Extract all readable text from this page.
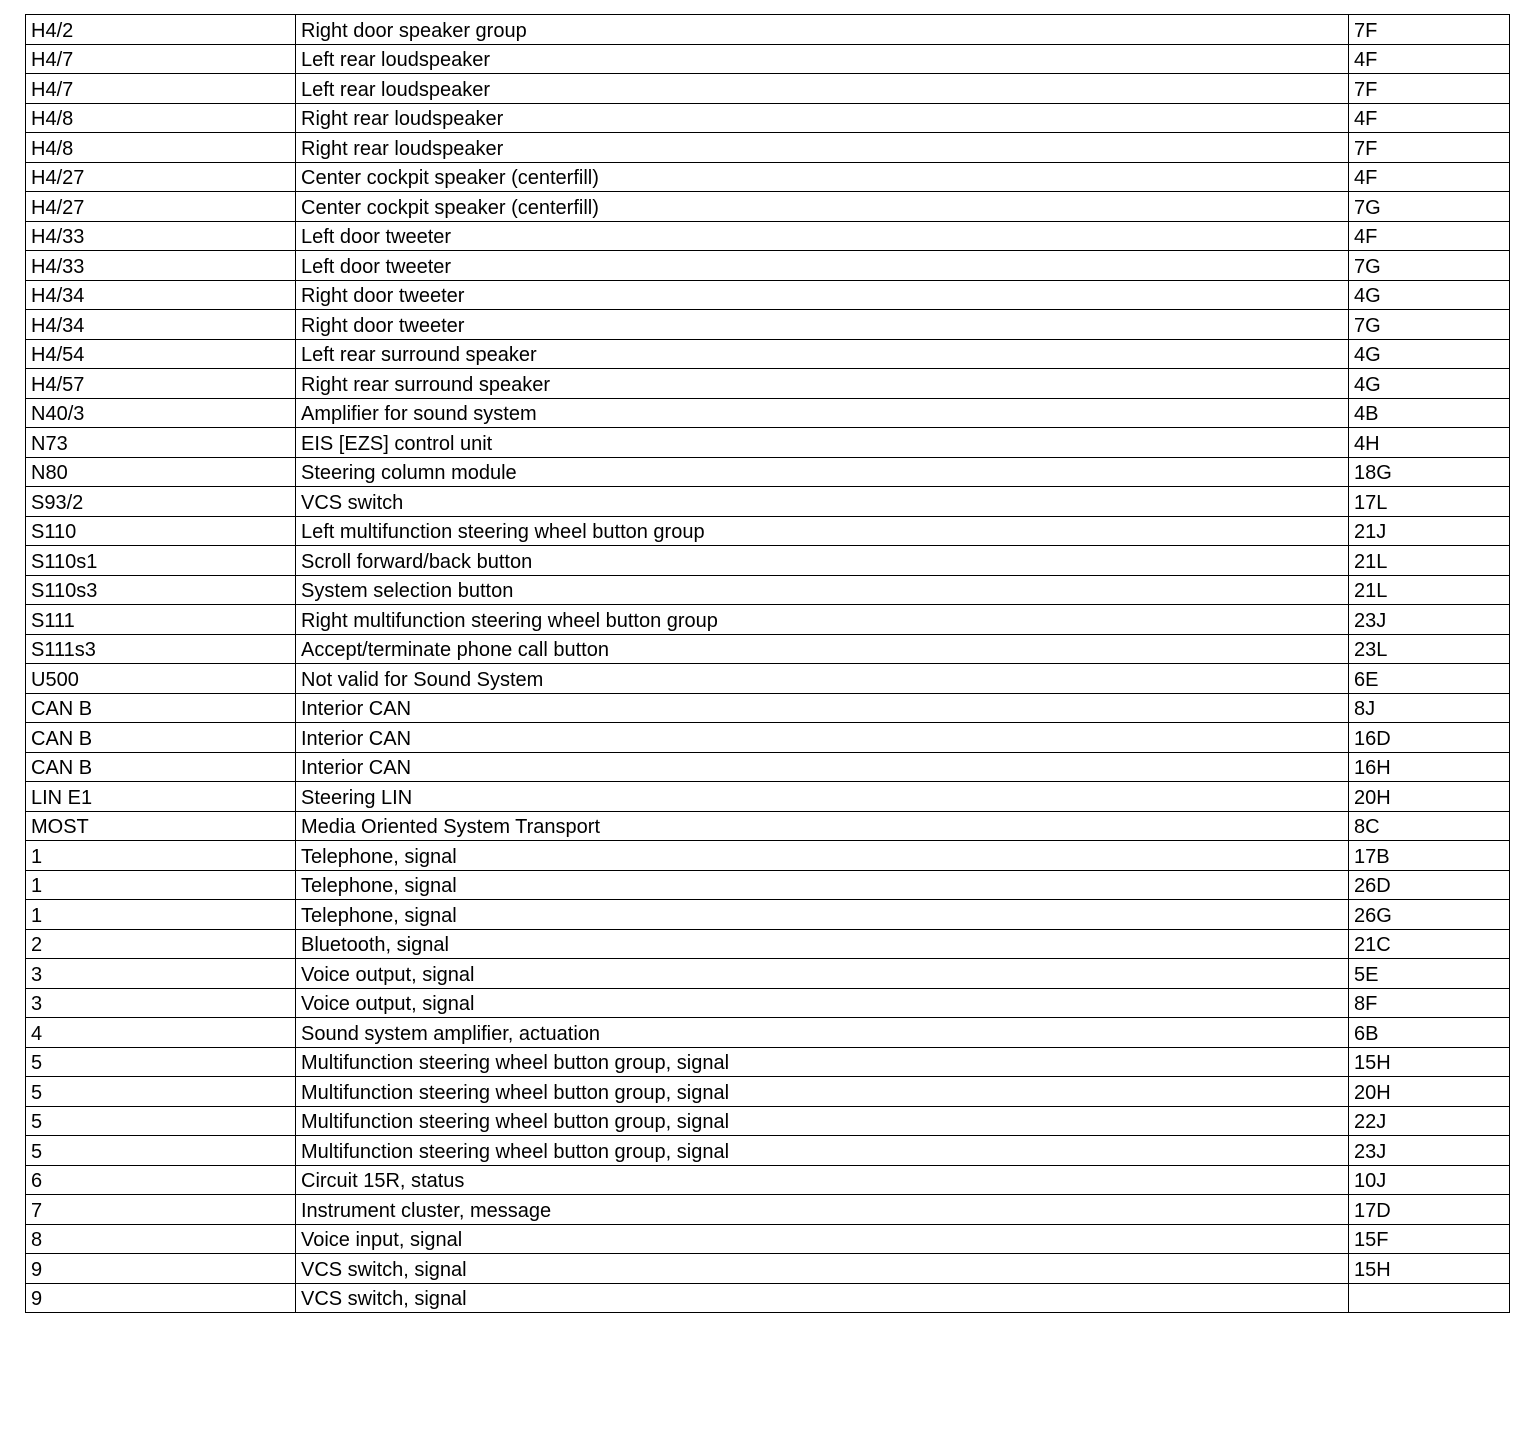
H4/2	Right door speaker group	7F
H4/7	Left rear loudspeaker	4F
H4/7	Left rear loudspeaker	7F
H4/8	Right rear loudspeaker	4F
H4/8	Right rear loudspeaker	7F
H4/27	Center cockpit speaker (centerfill)	4F
H4/27	Center cockpit speaker (centerfill)	7G
H4/33	Left door tweeter	4F
H4/33	Left door tweeter	7G
H4/34	Right door tweeter	4G
H4/34	Right door tweeter	7G
H4/54	Left rear surround speaker	4G
H4/57	Right rear surround speaker	4G
N40/3	Amplifier for sound system	4B
N73	EIS [EZS] control unit	4H
N80	Steering column module	18G
S93/2	VCS switch	17L
S110	Left multifunction steering wheel button group	21J
S110s1	Scroll forward/back button	21L
S110s3	System selection button	21L
S111	Right multifunction steering wheel button group	23J
S111s3	Accept/terminate phone call button	23L
U500	Not valid for Sound System	6E
CAN B	Interior CAN	8J
CAN B	Interior CAN	16D
CAN B	Interior CAN	16H
LIN E1	Steering LIN	20H
MOST	Media Oriented System Transport	8C
1	Telephone, signal	17B
1	Telephone, signal	26D
1	Telephone, signal	26G
2	Bluetooth, signal	21C
3	Voice output, signal	5E
3	Voice output, signal	8F
4	Sound system amplifier, actuation	6B
5	Multifunction steering wheel button group, signal	15H
5	Multifunction steering wheel button group, signal	20H
5	Multifunction steering wheel button group, signal	22J
5	Multifunction steering wheel button group, signal	23J
6	Circuit 15R, status	10J
7	Instrument cluster, message	17D
8	Voice input, signal	15F
9	VCS switch, signal	15H
9	VCS switch, signal	
